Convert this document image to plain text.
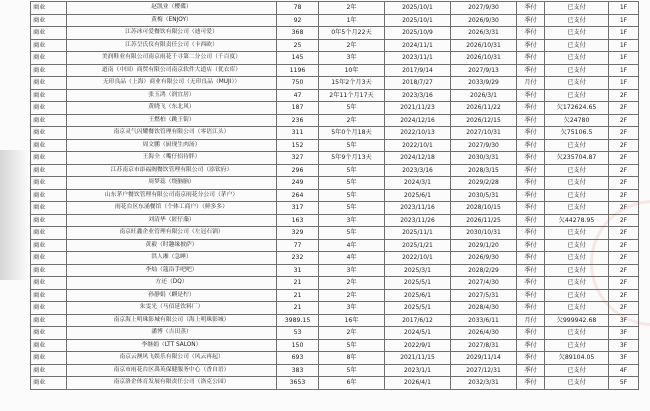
商业	赵凯业（樱碟）	78	2年	2025/10/1	2027/9/30	季付	已支付	1F
商业	黄梅（ENJOY）	92	1年	2025/10/1	2026/9/30	季付	已支付	1F
商业	江苏冰可爱餐饮有限公司（迪可爱）	368	0年5个月22天	2025/10/9	2026/3/31	季付	已支付	1F
商业	江苏呈氏仪有限责任公司（卡西欧）	25	2年	2024/11/1	2026/10/31	季付	已支付	1F
商业	美润鞋业有限公司南京雨花千寻第二分公司（千百度）	145	3年	2023/11/1	2026/10/31	季付	已支付	1F
商业	道南（中国）商贸有限公司南京软件大道店（优衣库）	1196	10年	2017/9/14	2027/9/13	季付	已支付	1F
商业	无印良品（上海）商业有限公司（无印良品（MUJI））	750	15年2个月3天	2018/7/27	2033/9/29	月付	已支付	1F
商业	张玉鸿（润宜居）	47	2年11个月17天	2023/3/16	2026/3/1	季付	已支付	2F
商业	黄晓飞（东北风）	187	5年	2021/11/23	2026/11/22	季付	欠172624.65	2F
商业	王燃柏（跳王街）	236	2年	2024/12/16	2026/12/15	季付	欠24780	2F
商业	南京灵气闪耀餐饮管理有限公司（零语江头）	311	5年0个月18天	2022/10/13	2027/10/31	季付	欠75106.5	2F
商业	周文鹏（厨现生肉汤）	152	5年	2022/10/1	2027/9/30	季付	已支付	2F
商业	王海全（嘴仔招待胖）	327	5年9个月13天	2024/12/18	2030/3/31	季付	欠235704.87	2F
商业	江苏南京市添福阁餐饮管理有限公司（添钦府）	296	5年	2023/3/16	2028/3/15	季付	已支付	2F
商业	周梦蕊（绕脑脑）	249	5年	2024/3/1	2029/2/28	季付	已支付	2F
商业	山东茅户餐饮管理有限公司南京雨花分公司（茅户）	264	5年	2025/6/1	2030/5/31	季付	已支付	2F
商业	雨花台区东涌餐馆（个体工商户）（鲜多多）	317	5年	2023/11/16	2028/10/15	季付	已支付	2F
商业	刘清华（匿仔藻）	163	3年	2023/11/26	2026/11/25	季付	欠44278.95	2F
商业	南京旺鑫企业管理有限公司（左冠石锅）	329	5年	2025/11/1	2030/10/31	季付	已支付	2F
商业	黄毅（时趣缘披萨）	77	4年	2025/1/21	2029/1/20	季付	已支付	2F
商业	洪人湘（急睡）	232	4年	2022/10/1	2026/9/30	季付	已支付	2F
商业	李灿（蔻沿手吧吧）	31	3年	2025/3/1	2028/2/29	季付	已支付	2F
商业	方还（DQ）	21	2年	2025/5/1	2027/4/30	季付	已支付	2F
商业	孙静娟（麒是柠）	21	2年	2025/6/1	2027/5/31	季付	已支付	2F
商业	朱雯光（马佰延饮料厂）	21	3年	2025/5/1	2028/4/30	季付	已支付	2F
商业	南京海上明珠影城有限公司（海上明珠影城）	3989.15	16年	2017/6/12	2033/6/11	月付	欠999942.68	3F
商业	潘博（吉田蒸）	53	2年	2024/5/1	2026/4/30	季付	已支付	3F
商业	李继娟（LTT SALON）	150	5年	2022/9/1	2027/8/31	季付	已支付	3F
商业	南京云澳风飞娱乐有限公司（风云再起）	693	8年	2021/11/15	2029/11/14	季付	欠89104.05	3F
商业	南京市雨花台区禹英保健服务中心（香自语）	383	5年	2023/1/1	2027/12/31	季付	已支付	4F
商业	南京洛企体育发展有限责任公司（洛克公园）	3653	6年	2026/4/1	2032/3/31	季付	已支付	5F
